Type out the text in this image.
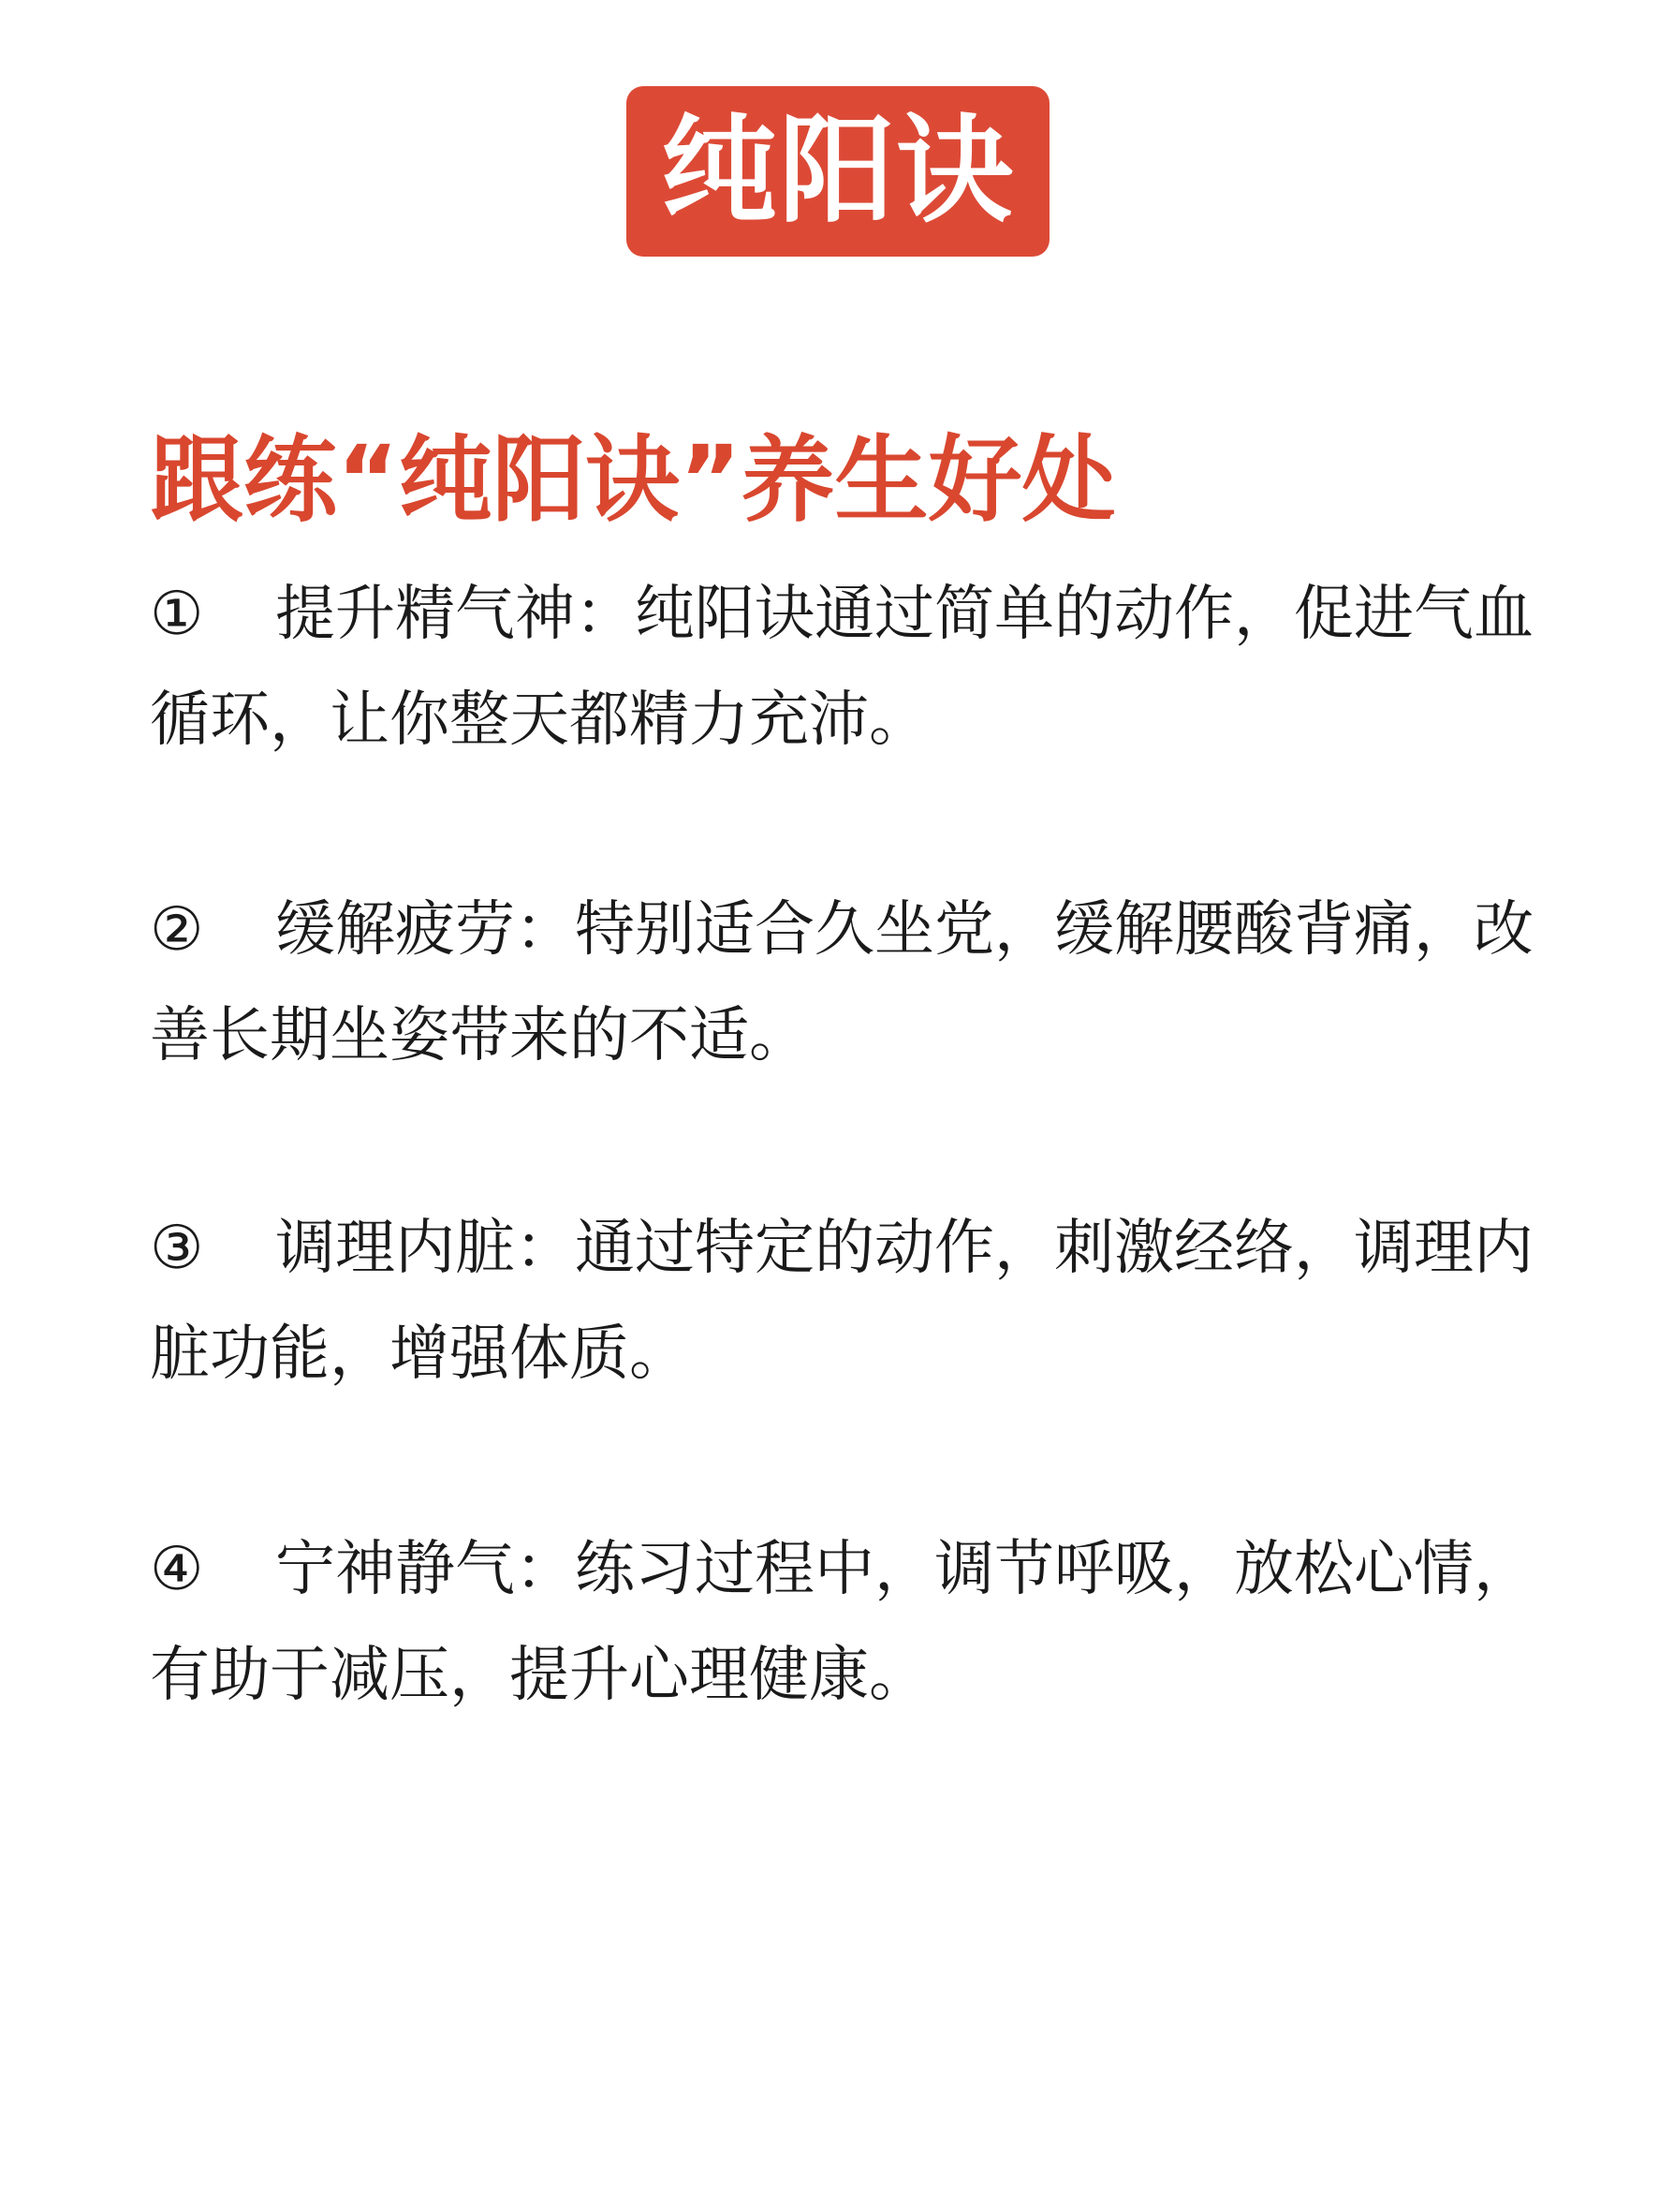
纯阳诀
跟练“纯阳诀”养生好处
① 提升精气神：纯阳诀通过简单的动作，促进气血循环，让你整天都精力充沛。
② 缓解疲劳：特别适合久坐党，缓解腰酸背痛，改善长期坐姿带来的不适。
③ 调理内脏：通过特定的动作，刺激经络，调理内脏功能，增强体质。
④ 宁神静气：练习过程中，调节呼吸，放松心情，有助于减压，提升心理健康。
